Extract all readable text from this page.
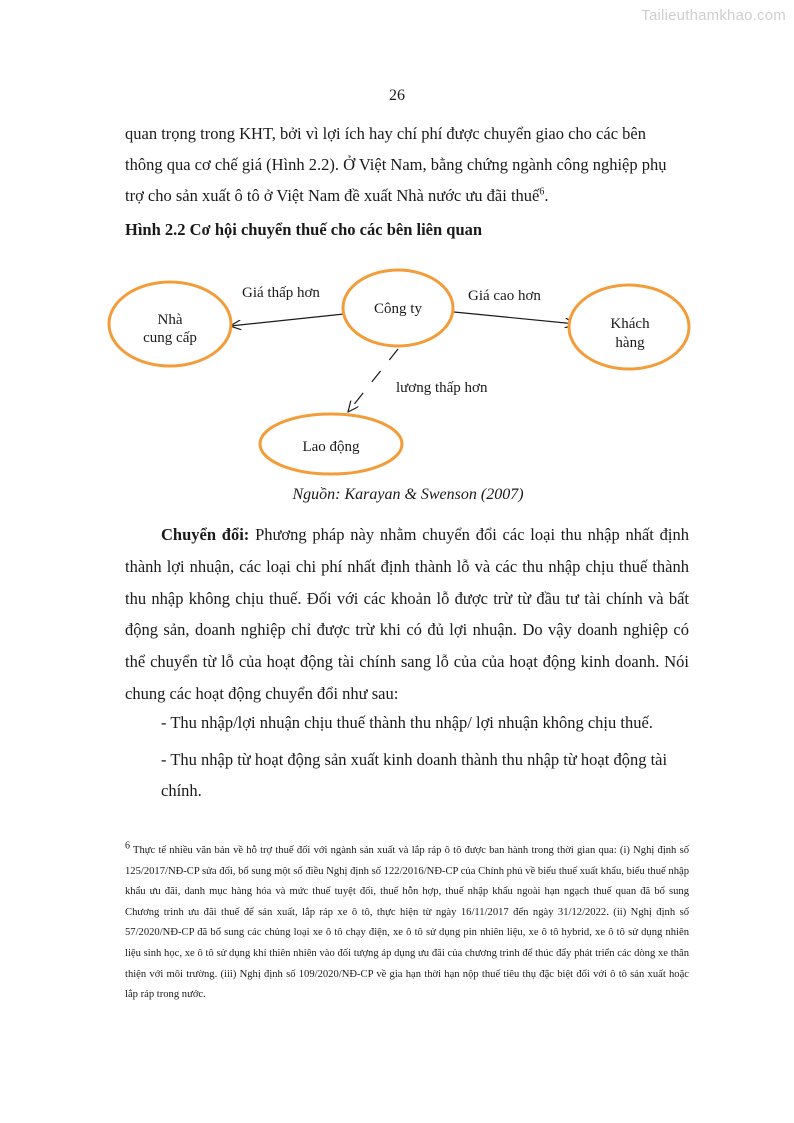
Tailieuthamkhao.com
26
quan trọng trong KHT, bởi vì lợi ích hay chí phí được chuyển giao cho các bên
thông qua cơ chế giá (Hình 2.2). Ở Việt Nam, bằng chứng ngành công nghiệp phụ
trợ cho sản xuất ô tô ở Việt Nam đề xuất Nhà nước ưu đãi thuế$^6$.
Hình 2.2 Cơ hội chuyển thuế cho các bên liên quan
Công ty
Nhà
cung cấp
Khách
hàng
Lao động
Giá thấp hơn	Giá cao hơn
lương thấp hơn
Nguồn: Karayan & Swenson (2007)
Chuyển đổi: Phương pháp này nhằm chuyển đổi các loại thu nhập nhất định thành lợi nhuận, các loại chi phí nhất định thành lỗ và các thu nhập chịu thuế thành thu nhập không chịu thuế. Đối với các khoản lỗ được trừ từ đầu tư tài chính và bất động sản, doanh nghiệp chỉ được trừ khi có đủ lợi nhuận. Do vậy doanh nghiệp có thể chuyển từ lỗ của hoạt động tài chính sang lỗ của của hoạt động kinh doanh. Nói chung các hoạt động chuyển đổi như sau:
- Thu nhập/lợi nhuận chịu thuế thành thu nhập/ lợi nhuận không chịu thuế.
- Thu nhập từ hoạt động sản xuất kinh doanh thành thu nhập từ hoạt động tài chính.
$^6$ Thực tế nhiều văn bản về hỗ trợ thuế đối với ngành sản xuất và lắp ráp ô tô được ban hành trong thời gian qua: (i) Nghị định số 125/2017/NĐ-CP sửa đổi, bổ sung một số điều Nghị định số 122/2016/NĐ-CP của Chính phủ về biểu thuế xuất khẩu, biểu thuế nhập khẩu ưu đãi, danh mục hàng hóa và mức thuế tuyệt đối, thuế hỗn hợp, thuế nhập khẩu ngoài hạn ngạch thuế quan đã bổ sung Chương trình ưu đãi thuế để sản xuất, lắp ráp xe ô tô, thực hiện từ ngày 16/11/2017 đến ngày 31/12/2022. (ii) Nghị định số 57/2020/NĐ-CP đã bổ sung các chủng loại xe ô tô chạy điện, xe ô tô sử dụng pin nhiên liệu, xe ô tô hybrid, xe ô tô sử dụng nhiên liệu sinh học, xe ô tô sử dụng khí thiên nhiên vào đối tượng áp dụng ưu đãi của chương trình để thúc đẩy phát triển các dòng xe thân thiện với môi trường. (iii) Nghị định số 109/2020/NĐ-CP về gia hạn thời hạn nộp thuế tiêu thụ đặc biệt đối với ô tô sản xuất hoặc lắp ráp trong nước.
